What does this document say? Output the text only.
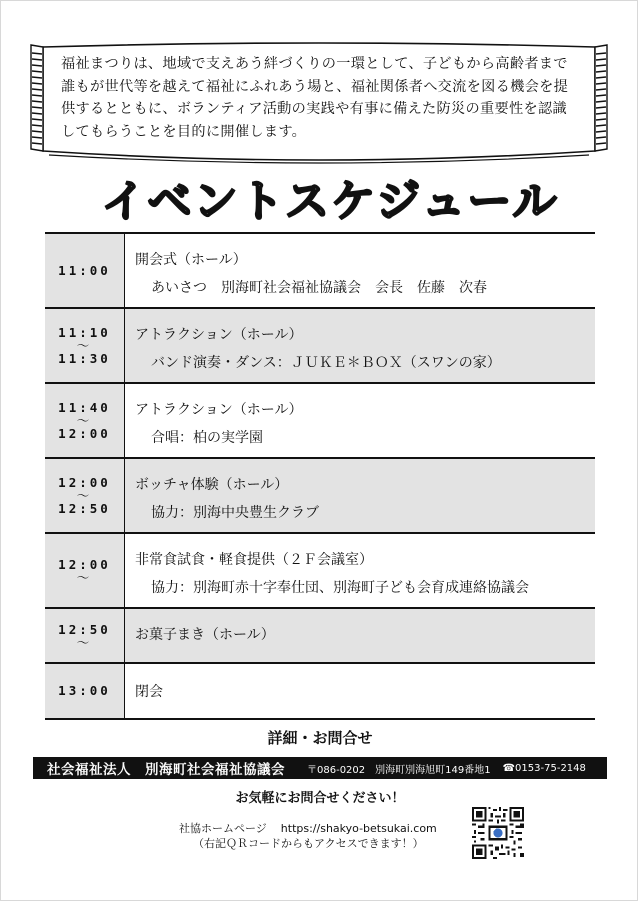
福祉まつりは、地域で支えあう絆づくりの一環として、子どもから高齢者まで誰もが世代等を越えて福祉にふれあう場と、福祉関係者へ交流を図る機会を提供するとともに、ボランティア活動の実践や有事に備えた防災の重要性を認識してもらうことを目的に開催します。
イベントスケジュール
11:00
開会式（ホール）
あいさつ　別海町社会福祉協議会　会長　佐藤　次春
11:10
～
11:30
アトラクション（ホール）
バンド演奏・ダンス：ＪＵＫＥ＊ＢＯＸ（スワンの家）
11:40
～
12:00
アトラクション（ホール）
合唱：柏の実学園
12:00
～
12:50
ボッチャ体験（ホール）
協力：別海中央豊生クラブ
12:00
～
非常食試食・軽食提供（２Ｆ会議室）
協力：別海町赤十字奉仕団、別海町子ども会育成連絡協議会
12:50
～	お菓子まき（ホール）
13:00 閉会
詳細・お問合せ
社会福祉法人　別海町社会福祉協議会 〒086-0202　別海町別海旭町149番地1 ☎0153-75-2148
お気軽にお問合せください！
社協ホームページ https://shakyo-betsukai.com
（右記ＱＲコードからもアクセスできます！）
